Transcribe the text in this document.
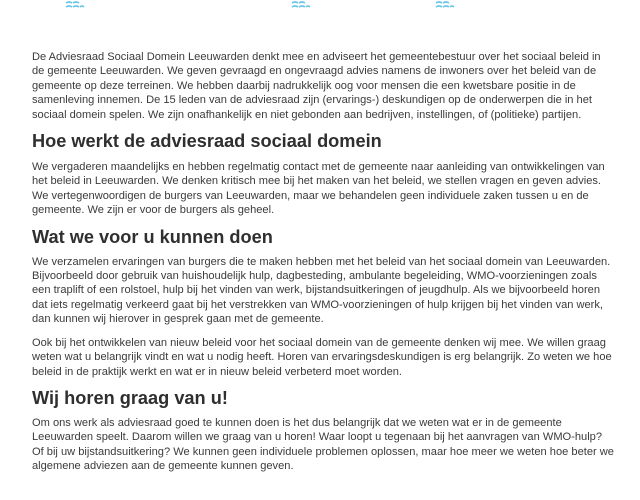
De Adviesraad Sociaal Domein Leeuwarden denkt mee en adviseert het gemeentebestuur over het sociaal beleid in de gemeente Leeuwarden. We geven gevraagd en ongevraagd advies namens de inwoners over het beleid van de gemeente op deze terreinen. We hebben daarbij nadrukkelijk oog voor mensen die een kwetsbare positie in de samenleving innemen. De 15 leden van de adviesraad zijn (ervarings-) deskundigen op de onderwerpen die in het sociaal domein spelen. We zijn onafhankelijk en niet gebonden aan bedrijven, instellingen, of (politieke) partijen.

Hoe werkt de adviesraad sociaal domein

We vergaderen maandelijks en hebben regelmatig contact met de gemeente naar aanleiding van ontwikkelingen van het beleid in Leeuwarden. We denken kritisch mee bij het maken van het beleid, we stellen vragen en geven advies. We vertegenwoordigen de burgers van Leeuwarden, maar we behandelen geen individuele zaken tussen u en de gemeente. We zijn er voor de burgers als geheel.

Wat we voor u kunnen doen

We verzamelen ervaringen van burgers die te maken hebben met het beleid van het sociaal domein van Leeuwarden. Bijvoorbeeld door gebruik van huishoudelijk hulp, dagbesteding, ambulante begeleiding, WMO-voorzieningen zoals een traplift of een rolstoel, hulp bij het vinden van werk, bijstandsuitkeringen of jeugdhulp. Als we bijvoorbeeld horen dat iets regelmatig verkeerd gaat bij het verstrekken van WMO-voorzieningen of hulp krijgen bij het vinden van werk, dan kunnen wij hierover in gesprek gaan met de gemeente.

Ook bij het ontwikkelen van nieuw beleid voor het sociaal domein van de gemeente denken wij mee. We willen graag weten wat u belangrijk vindt en wat u nodig heeft. Horen van ervaringsdeskundigen is erg belangrijk. Zo weten we hoe beleid in de praktijk werkt en wat er in nieuw beleid verbeterd moet worden.

Wij horen graag van u!

Om ons werk als adviesraad goed te kunnen doen is het dus belangrijk dat we weten wat er in de gemeente Leeuwarden speelt. Daarom willen we graag van u horen! Waar loopt u tegenaan bij het aanvragen van WMO-hulp? Of bij uw bijstandsuitkering? We kunnen geen individuele problemen oplossen, maar hoe meer we weten hoe beter we algemene adviezen aan de gemeente kunnen geven.
